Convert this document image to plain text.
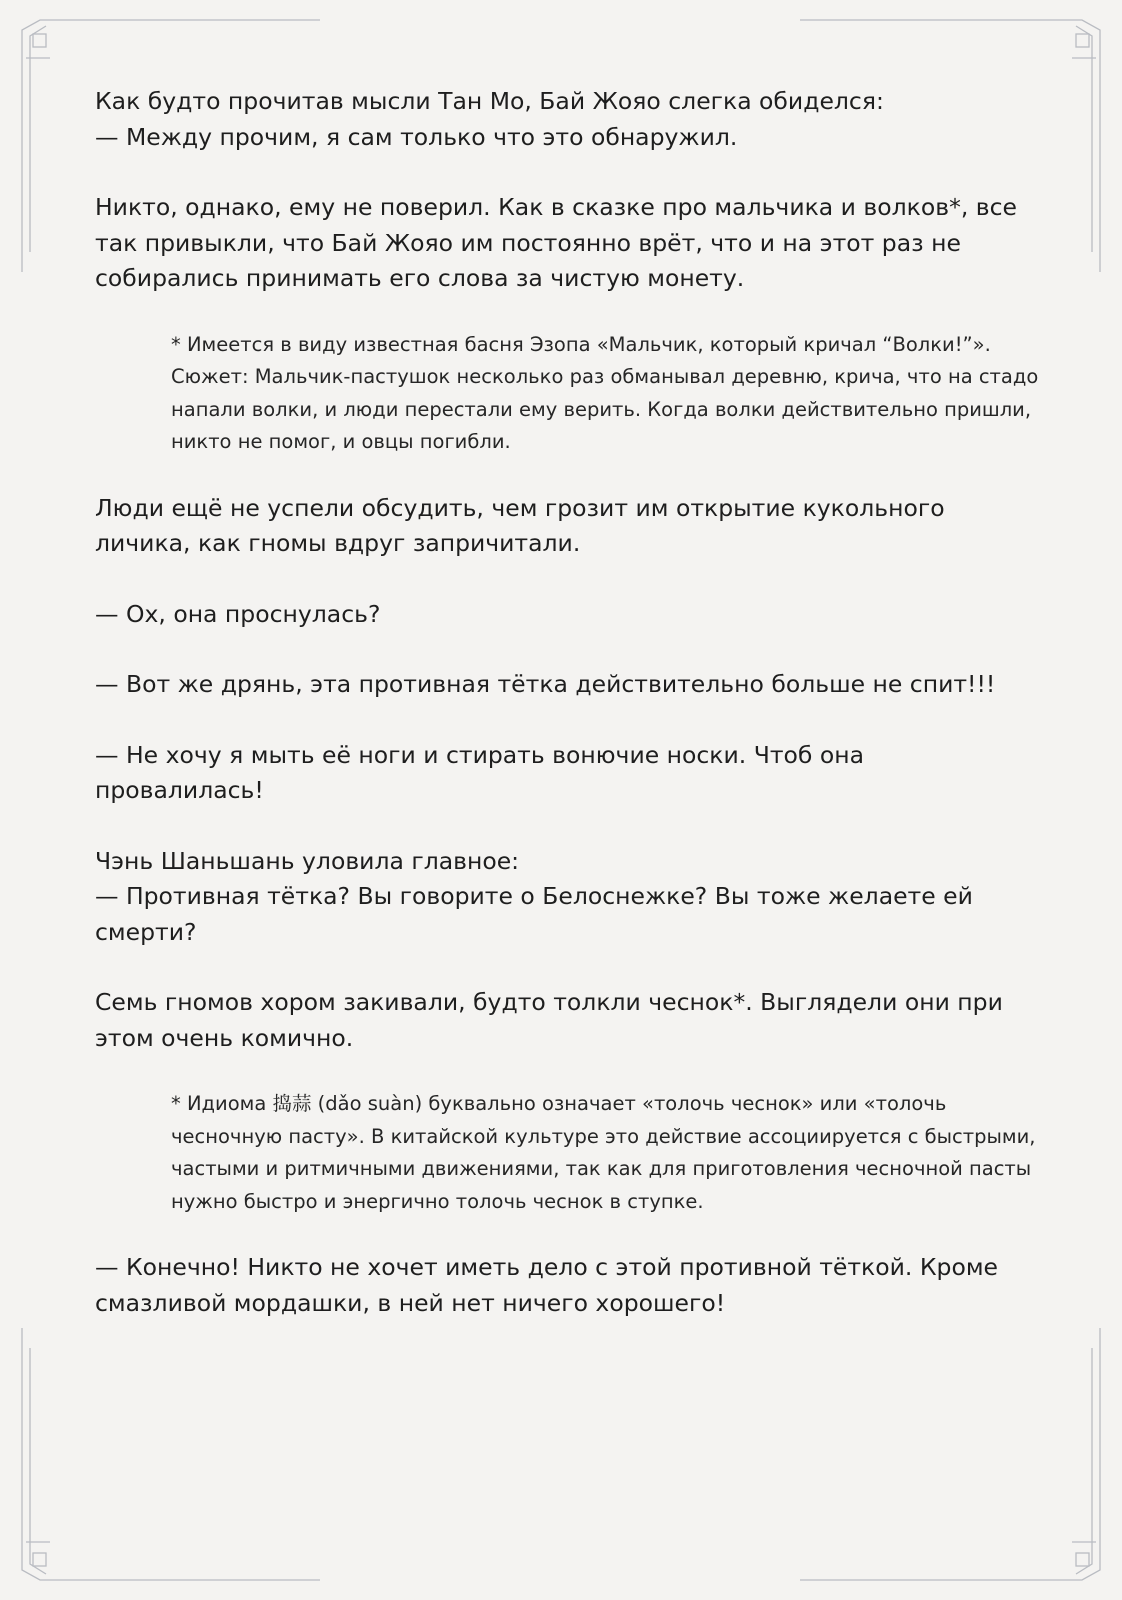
Как будто прочитав мысли Тан Мо, Бай Жояо слегка обиделся:

— Между прочим, я сам только что это обнаружил.

Никто, однако, ему не поверил. Как в сказке про мальчика и волков*, все так привыкли, что Бай Жояо им постоянно врёт, что и на этот раз не собирались принимать его слова за чистую монету.

* Имеется в виду известная басня Эзопа «Мальчик, который кричал “Волки!”». Сюжет: Мальчик-пастушок несколько раз обманывал деревню, крича, что на стадо напали волки, и люди перестали ему верить. Когда волки действительно пришли, никто не помог, и овцы погибли.

Люди ещё не успели обсудить, чем грозит им открытие кукольного личика, как гномы вдруг запричитали.

— Ох, она проснулась?

— Вот же дрянь, эта противная тётка действительно больше не спит!!!

— Не хочу я мыть её ноги и стирать вонючие носки. Чтоб она провалилась!

Чэнь Шаньшань уловила главное:

— Противная тётка? Вы говорите о Белоснежке? Вы тоже желаете ей смерти?

Семь гномов хором закивали, будто толкли чеснок*. Выглядели они при этом очень комично.

* Идиома 捣蒜 (dǎo suàn) буквально означает «толочь чеснок» или «толочь чесночную пасту». В китайской культуре это действие ассоциируется с быстрыми, частыми и ритмичными движениями, так как для приготовления чесночной пасты нужно быстро и энергично толочь чеснок в ступке.

— Конечно! Никто не хочет иметь дело с этой противной тёткой. Кроме смазливой мордашки, в ней нет ничего хорошего!
